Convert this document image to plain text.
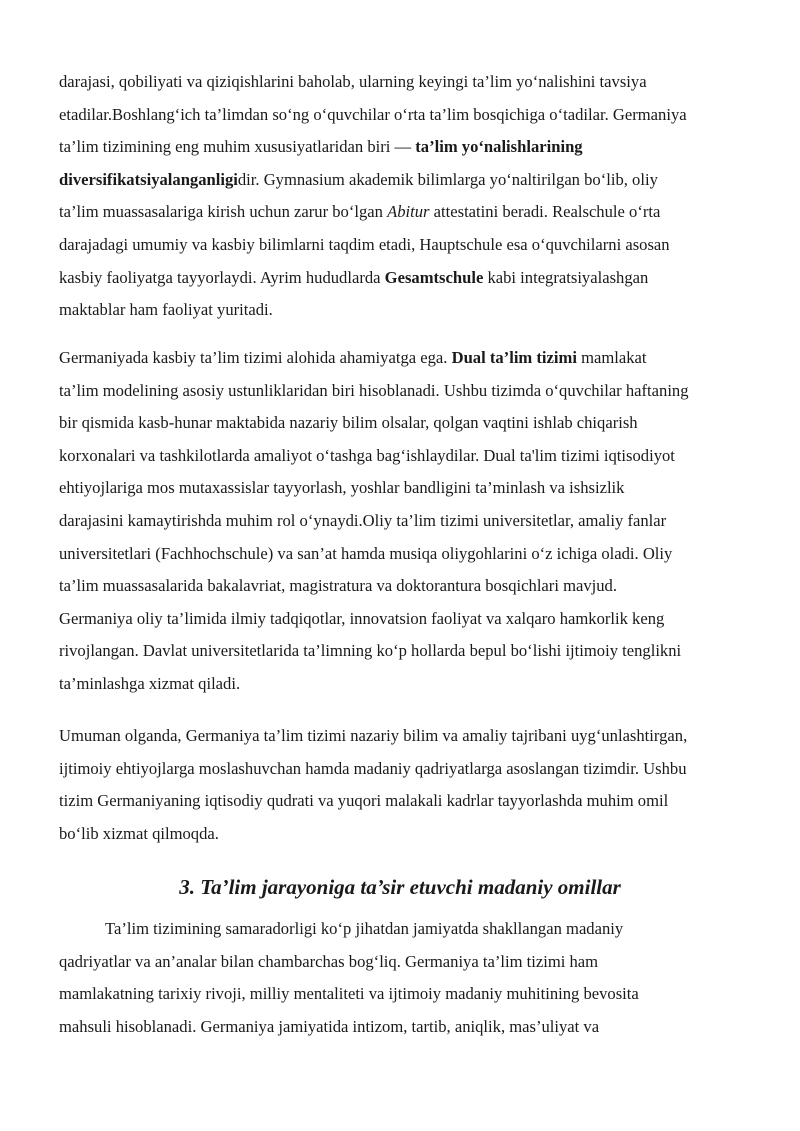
darajasi, qobiliyati va qiziqishlarini baholab, ularning keyingi ta’lim yo‘nalishini tavsiya
etadilar.Boshlang‘ich ta’limdan so‘ng o‘quvchilar o‘rta ta’lim bosqichiga o‘tadilar. Germaniya
ta’lim tizimining eng muhim xususiyatlaridan biri — ta’lim yo‘nalishlarining
diversifikatsiyalanganligidir. Gymnasium akademik bilimlarga yo‘naltirilgan bo‘lib, oliy
ta’lim muassasalariga kirish uchun zarur bo‘lgan Abitur attestatini beradi. Realschule o‘rta
darajadagi umumiy va kasbiy bilimlarni taqdim etadi, Hauptschule esa o‘quvchilarni asosan
kasbiy faoliyatga tayyorlaydi. Ayrim hududlarda Gesamtschule kabi integratsiyalashgan
maktablar ham faoliyat yuritadi.

Germaniyada kasbiy ta’lim tizimi alohida ahamiyatga ega. Dual ta’lim tizimi mamlakat
ta’lim modelining asosiy ustunliklaridan biri hisoblanadi. Ushbu tizimda o‘quvchilar haftaning
bir qismida kasb-hunar maktabida nazariy bilim olsalar, qolgan vaqtini ishlab chiqarish
korxonalari va tashkilotlarda amaliyot o‘tashga bag‘ishlaydilar. Dual ta'lim tizimi iqtisodiyot
ehtiyojlariga mos mutaxassislar tayyorlash, yoshlar bandligini ta’minlash va ishsizlik
darajasini kamaytirishda muhim rol o‘ynaydi.Oliy ta’lim tizimi universitetlar, amaliy fanlar
universitetlari (Fachhochschule) va san’at hamda musiqa oliygohlarini o‘z ichiga oladi. Oliy
ta’lim muassasalarida bakalavriat, magistratura va doktorantura bosqichlari mavjud.
Germaniya oliy ta’limida ilmiy tadqiqotlar, innovatsion faoliyat va xalqaro hamkorlik keng
rivojlangan. Davlat universitetlarida ta’limning ko‘p hollarda bepul bo‘lishi ijtimoiy tenglikni
ta’minlashga xizmat qiladi.

Umuman olganda, Germaniya ta’lim tizimi nazariy bilim va amaliy tajribani uyg‘unlashtirgan,
ijtimoiy ehtiyojlarga moslashuvchan hamda madaniy qadriyatlarga asoslangan tizimdir. Ushbu
tizim Germaniyaning iqtisodiy qudrati va yuqori malakali kadrlar tayyorlashda muhim omil
bo‘lib xizmat qilmoqda.

3. Ta’lim jarayoniga ta’sir etuvchi madaniy omillar

Ta’lim tizimining samaradorligi ko‘p jihatdan jamiyatda shakllangan madaniy
qadriyatlar va an’analar bilan chambarchas bog‘liq. Germaniya ta’lim tizimi ham
mamlakatning tarixiy rivoji, milliy mentaliteti va ijtimoiy madaniy muhitining bevosita
mahsuli hisoblanadi. Germaniya jamiyatida intizom, tartib, aniqlik, mas’uliyat va
